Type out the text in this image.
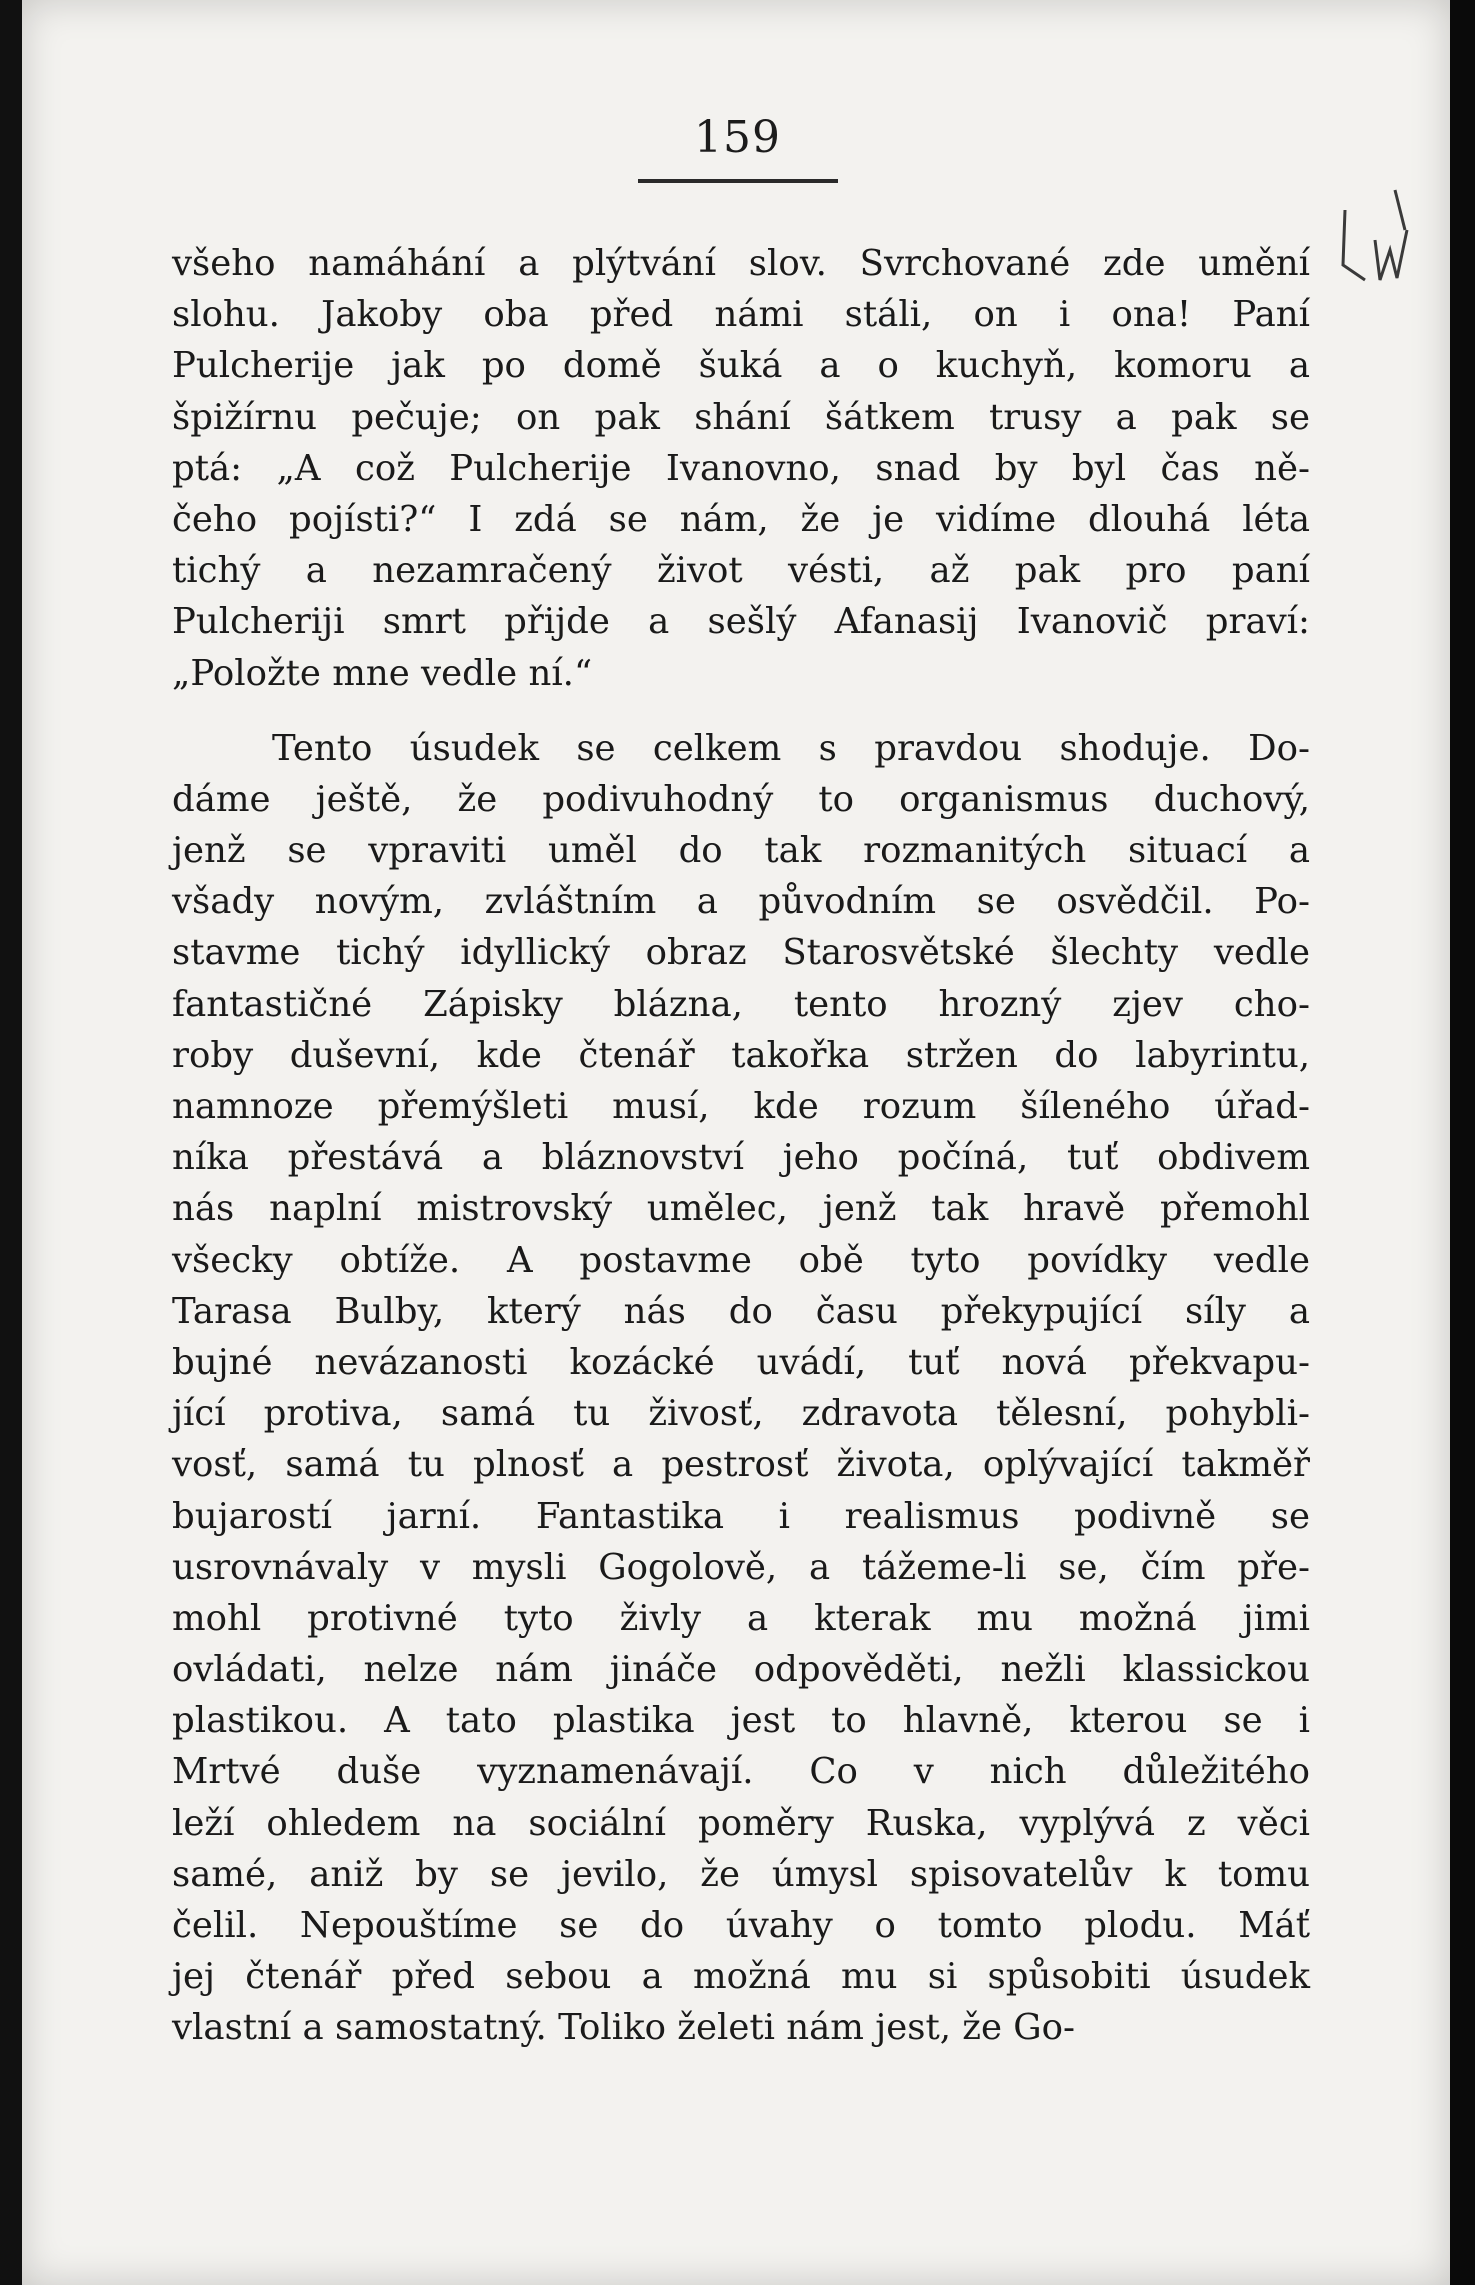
159
všeho namáhání a plýtvání slov. Svrchované zde umění
slohu. Jakoby oba před námi stáli, on i ona! Paní
Pulcherije jak po domě šuká a o kuchyň, komoru a
špižírnu pečuje; on pak shání šátkem trusy a pak se
ptá: „A což Pulcherije Ivanovno, snad by byl čas ně-
čeho pojísti?“ I zdá se nám, že je vidíme dlouhá léta
tichý a nezamračený život vésti, až pak pro paní
Pulcheriji smrt přijde a sešlý Afanasij Ivanovič praví:
„Položte mne vedle ní.“
Tento úsudek se celkem s pravdou shoduje. Do-
dáme ještě, že podivuhodný to organismus duchový,
jenž se vpraviti uměl do tak rozmanitých situací a
všady novým, zvláštním a původním se osvědčil. Po-
stavme tichý idyllický obraz Starosvětské šlechty vedle
fantastičné Zápisky blázna, tento hrozný zjev cho-
roby duševní, kde čtenář takořka stržen do labyrintu,
namnoze přemýšleti musí, kde rozum šíleného úřad-
níka přestává a bláznovství jeho počíná, tuť obdivem
nás naplní mistrovský umělec, jenž tak hravě přemohl
všecky obtíže. A postavme obě tyto povídky vedle
Tarasa Bulby, který nás do času překypující síly a
bujné nevázanosti kozácké uvádí, tuť nová překvapu-
jící protiva, samá tu živosť, zdravota tělesní, pohybli-
vosť, samá tu plnosť a pestrosť života, oplývající takměř
bujarostí jarní. Fantastika i realismus podivně se
usrovnávaly v mysli Gogolově, a tážeme-li se, čím pře-
mohl protivné tyto živly a kterak mu možná jimi
ovládati, nelze nám jináče odpověděti, nežli klassickou
plastikou. A tato plastika jest to hlavně, kterou se i
Mrtvé duše vyznamenávají. Co v nich důležitého
leží ohledem na sociální poměry Ruska, vyplývá z věci
samé, aniž by se jevilo, že úmysl spisovatelův k tomu
čelil. Nepouštíme se do úvahy o tomto plodu. Máť
jej čtenář před sebou a možná mu si spůsobiti úsudek
vlastní a samostatný. Toliko želeti nám jest, že Go-
